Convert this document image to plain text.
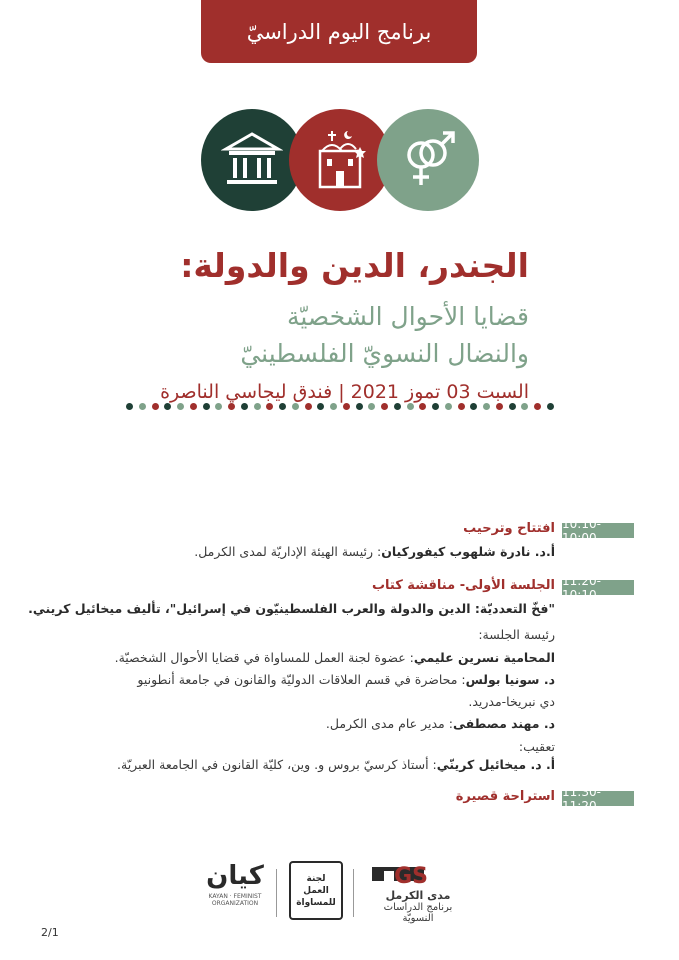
برنامج اليوم الدراسيّ
الجندر، الدين والدولة:
قضايا الأحوال الشخصيّة
والنضال النسويّ الفلسطينيّ
السبت 03 تموز 2021 | فندق ليجاسي الناصرة
10:10-10:00
افتتاح وترحيب
أ.د. نادرة شلهوب كيفوركيان: رئيسة الهيئة الإداريّة لمدى الكرمل.
11:20-10:10
الجلسة الأولى- مناقشة كتاب
"فخّ التعدديّة: الدين والدولة والعرب الفلسطينيّون في إسرائيل"، تأليف ميخائيل كريني.
رئيسة الجلسة:
المحامية نسرين عليمي: عضوة لجنة العمل للمساواة في قضايا الأحوال الشخصيّة.
د. سونيا بولس: محاضرة في قسم العلاقات الدوليّة والقانون في جامعة أنطونيو
دي نبريخا-مدريد.
د. مهند مصطفى: مدير عام مدى الكرمل.
تعقيب:
أ. د. ميخائيل كرينّي: أستاذ كرسيّ بروس و. وين، كليّة القانون في الجامعة العبريّة.
11:30-11:20
استراحة قصيرة
GS
مدى الكرمل
برنامج الدراسات النسويّة
لجنة
العمل
للمساواة
كيان
KAYAN · FEMINIST ORGANIZATION
2/1
